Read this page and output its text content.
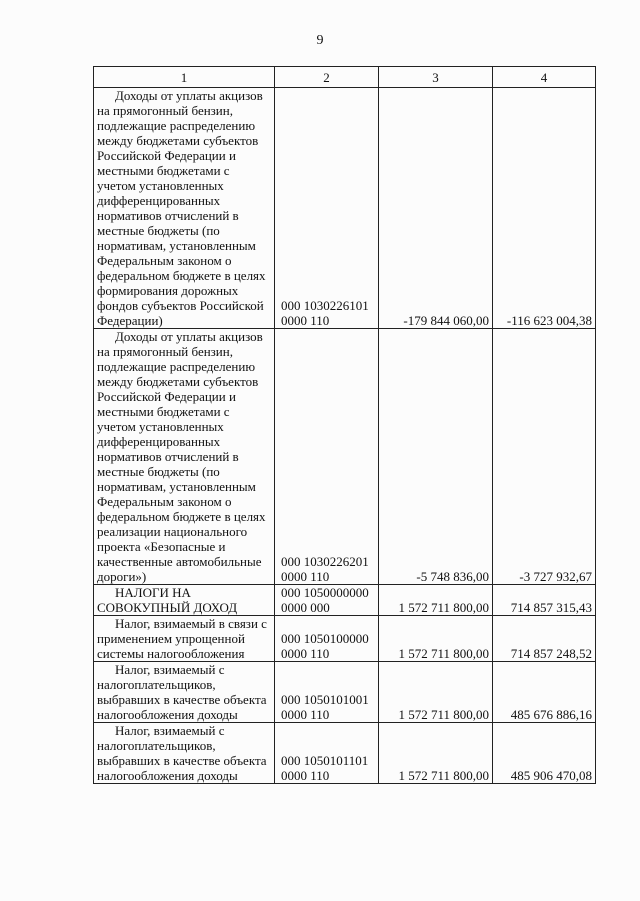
9
1	2	3	4
Доходы от уплаты акцизов на прямогонный бензин, подлежащие распределению между бюджетами субъектов Российской Федерации и местными бюджетами с учетом установленных дифференцированных нормативов отчислений в местные бюджеты (по нормативам, установленным Федеральным законом о федеральном бюджете в целях формирования дорожных фондов субъектов Российской Федерации)	000 1030226101 0000 110	-179 844 060,00	-116 623 004,38
Доходы от уплаты акцизов на прямогонный бензин, подлежащие распределению между бюджетами субъектов Российской Федерации и местными бюджетами с учетом установленных дифференцированных нормативов отчислений в местные бюджеты (по нормативам, установленным Федеральным законом о федеральном бюджете в целях реализации национального проекта «Безопасные и качественные автомобильные дороги»)	000 1030226201 0000 110	-5 748 836,00	-3 727 932,67
НАЛОГИ НА СОВОКУПНЫЙ ДОХОД	000 1050000000 0000 000	1 572 711 800,00	714 857 315,43
Налог, взимаемый в связи с применением упрощенной системы налогообложения	000 1050100000 0000 110	1 572 711 800,00	714 857 248,52
Налог, взимаемый с налогоплательщиков, выбравших в качестве объекта налогообложения доходы	000 1050101001 0000 110	1 572 711 800,00	485 676 886,16
Налог, взимаемый с налогоплательщиков, выбравших в качестве объекта налогообложения доходы	000 1050101101 0000 110	1 572 711 800,00	485 906 470,08
